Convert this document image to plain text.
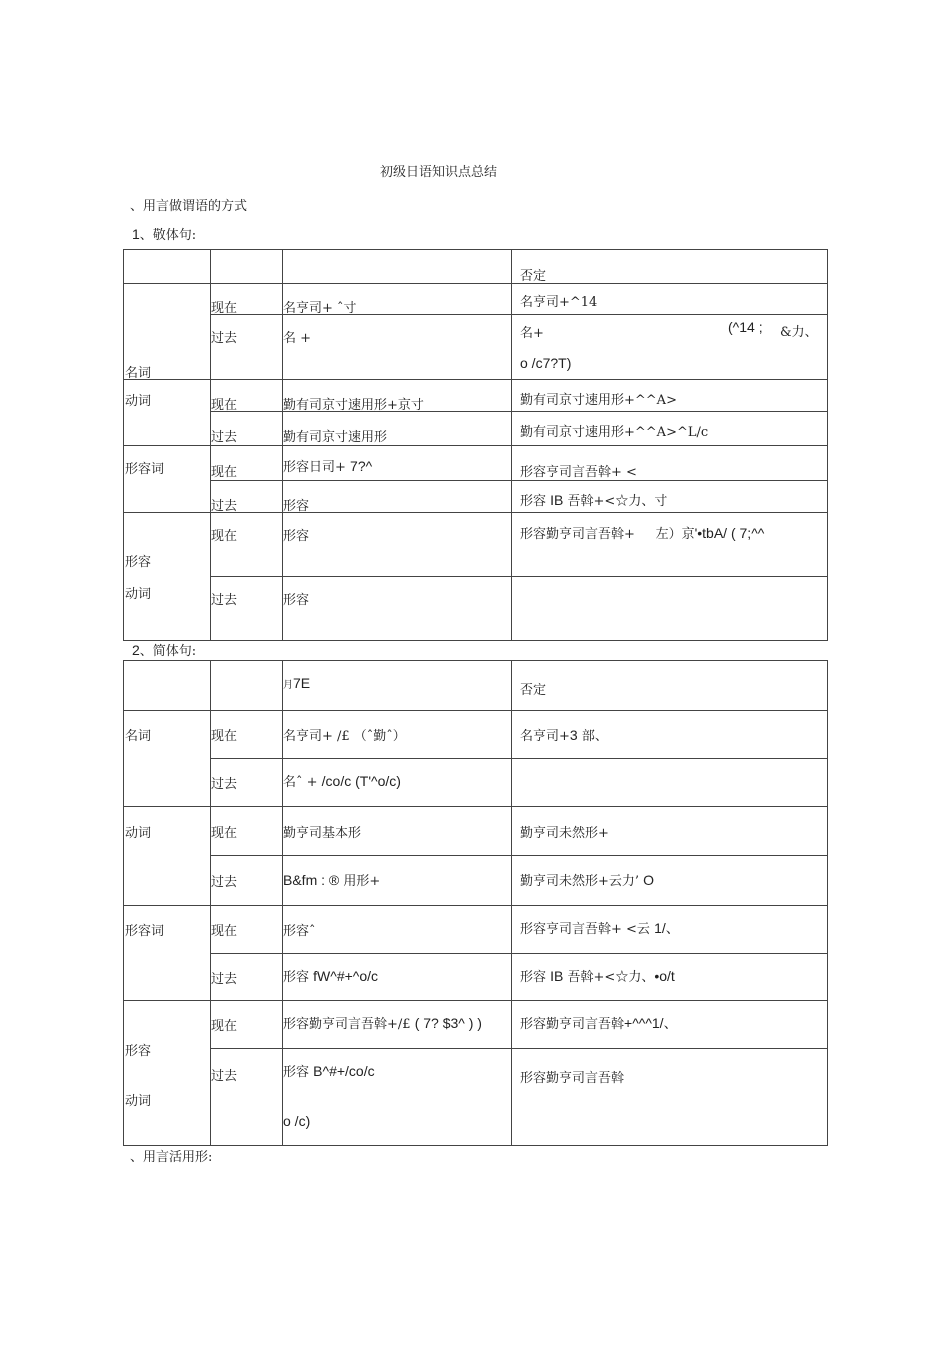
初级日语知识点总结
、用言做谓语的方式
1、敬体句:

			否定

名词	现在	名亨司+ ˆ寸	名亨司+^14

	过去	名 +	名+ (^14 ; &力、
o /c7?T)

动词	现在	勤有司京寸速用形+京寸	勤有司京寸速用形+^^A>

	过去	勤有司京寸速用形	勤有司京寸速用形+^^A>^L/c

形容词	现在	形容日司+ 7?^	形容亨司言吾斡+ <

	过去	形容	形容 IB 吾斡+<☆力、寸

形容
动词	现在	形容	形容勤亨司言吾斡+ 左）京'•tbA/ ( 7;^^

	过去	形容	

2、简体句:

		月7E	否定

名词	现在	名亨司+ /£ （ˆ勤ˆ）	名亨司+3 部、

	过去	名ˆ + /co/c (T'^o/c)	

动词	现在	勤亨司基本形	勤亨司未然形+

	过去	B&fm : ® 用形+	勤亨司未然形+云力’ O

形容词	现在	形容ˆ	形容亨司言吾斡+ <云 1/、

	过去	形容 fW^#+^o/c	形容 IB 吾斡+<☆力、•o/t

形容
动词	现在	形容勤亨司言吾斡+/£ ( 7? $3^ ) )	形容勤亨司言吾斡+^^^1/、

	过去	形容 B^#+/co/c
o /c)	形容勤亨司言吾斡
、用言活用形:
